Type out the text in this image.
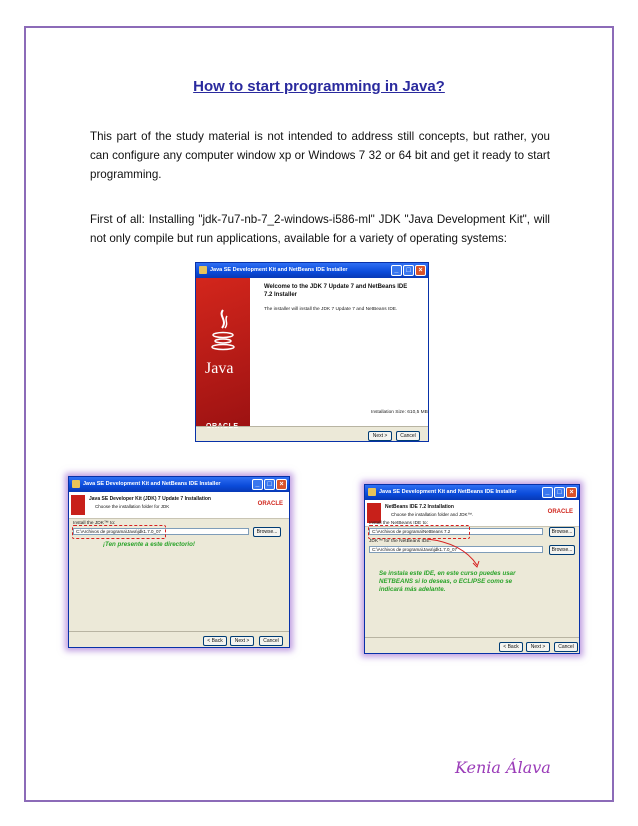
How to start programming in Java?

This part of the study material is not intended to address still concepts, but rather, you can configure any computer window xp or Windows 7 32 or 64 bit and get it ready to start programming.

First of all: Installing "jdk-7u7-nb-7_2-windows-i586-ml" JDK "Java Development Kit", will not only compile but run applications, available for a variety of operating systems:

Java SE Development Kit and NetBeans IDE Installer	_	□	×
Java
Welcome to the JDK 7 Update 7 and NetBeans IDE 7.2 Installer
The installer will install the JDK 7 Update 7 and NetBeans IDE.
Installation Size: 610,5 MB
Next >	Cancel
Java SE Development Kit and NetBeans IDE Installer	_	□	×
Java SE Developer Kit (JDK) 7 Update 7 Installation
Choose the installation folder for JDK	ORACLE
Install the JDK™ to:
C:\Archivos de programa\Java\jdk1.7.0_07	Browse...
¡Ten presente a este directorio!
< Back	Next >	Cancel
Java SE Development Kit and NetBeans IDE Installer	_	□	×
NetBeans IDE 7.2 Installation
Choose the installation folder and JDK™.	ORACLE
Install the NetBeans IDE to:
C:\Archivos de programa\NetBeans 7.2	Browse...
JDK™ for the NetBeans IDE:
C:\Archivos de programa\Java\jdk1.7.0_07	Browse...
Se instala este IDE, en este curso puedes usar NETBEANS si lo deseas, o ECLIPSE como se indicará más adelante.
< Back	Next >	Cancel
Kenia Álava
